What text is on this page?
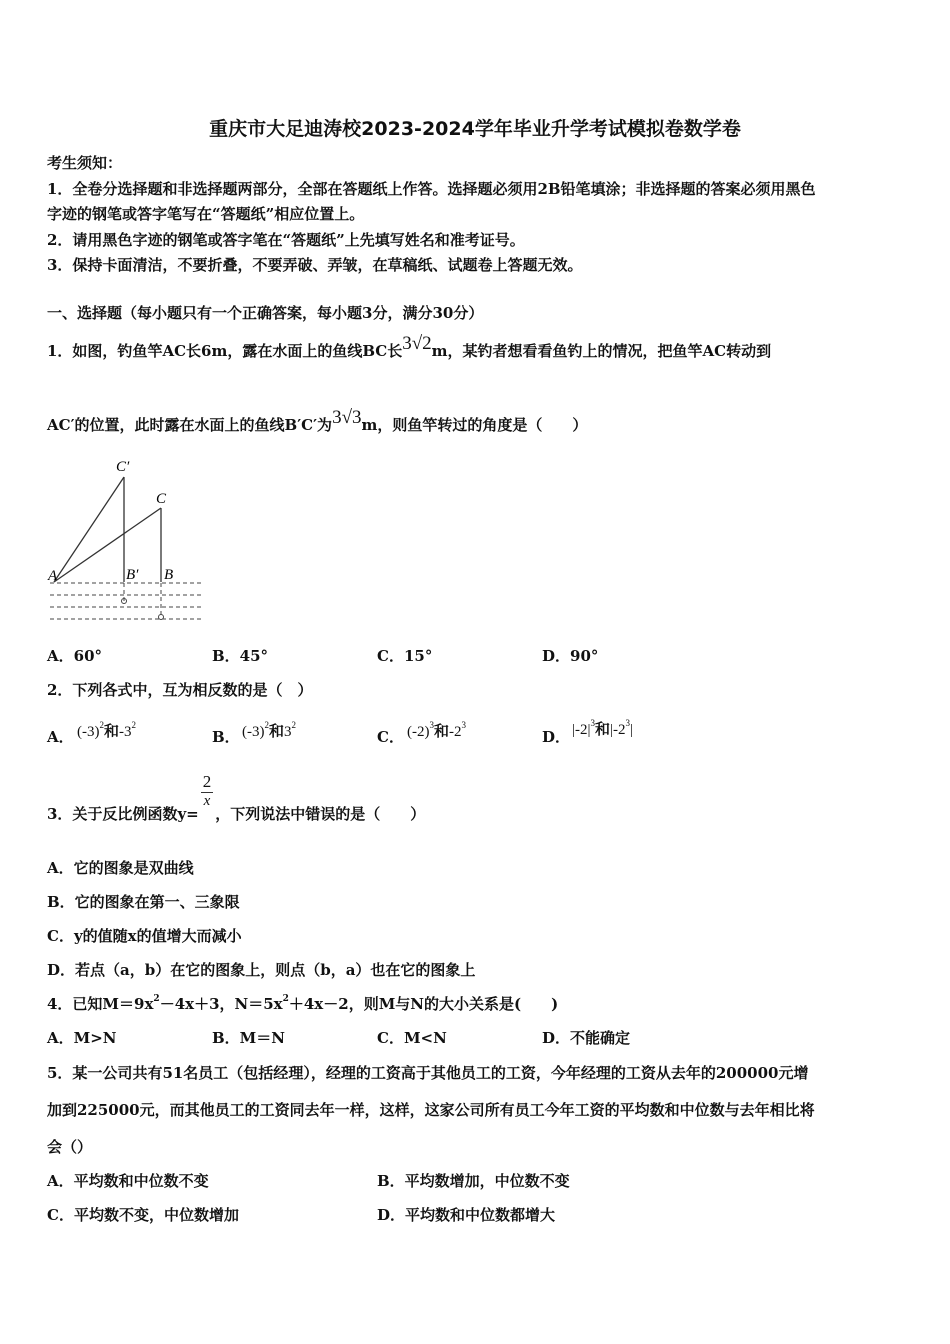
重庆市大足迪涛校2023-2024学年毕业升学考试模拟卷数学卷
考生须知：
1．全卷分选择题和非选择题两部分，全部在答题纸上作答。选择题必须用2B铅笔填涂；非选择题的答案必须用黑色
字迹的钢笔或答字笔写在“答题纸”相应位置上。
2．请用黑色字迹的钢笔或答字笔在“答题纸”上先填写姓名和准考证号。
3．保持卡面清洁，不要折叠，不要弄破、弄皱，在草稿纸、试题卷上答题无效。
一、选择题（每小题只有一个正确答案，每小题3分，满分30分）
1．如图，钓鱼竿AC长6m，露在水面上的鱼线BC长3√2m，某钓者想看看鱼钓上的情况，把鱼竿AC转动到
AC′的位置，此时露在水面上的鱼线B′C′为3√3m，则鱼竿转过的角度是（　　）
C′
C
A	B′ B
A．60°	B．45°	C．15°	D．90°
2．下列各式中，互为相反数的是（　）
A． $(-3)^2$和$-3^2$
B． $(-3)^2$和$3^2$
C． $(-2)^3$和$-2^3$
D． $|-2|^3$和$|-2^3|$
3．关于反比例函数y=
$\frac{2}{x}$
，下列说法中错误的是（　　）
A．它的图象是双曲线
B．它的图象在第一、三象限
C．y的值随x的值增大而减小
D．若点（a，b）在它的图象上，则点（b，a）也在它的图象上
4．已知$M=9x^2-4x+3$，$N=5x^2+4x-2$，则M与N的大小关系是(　　)
A．M>N	B．M＝N	C．M<N	D．不能确定
5．某一公司共有51名员工（包括经理），经理的工资高于其他员工的工资，今年经理的工资从去年的200000元增
加到225000元，而其他员工的工资同去年一样，这样，这家公司所有员工今年工资的平均数和中位数与去年相比将
会（）
A．平均数和中位数不变	B．平均数增加，中位数不变
C．平均数不变，中位数增加	D．平均数和中位数都增大
